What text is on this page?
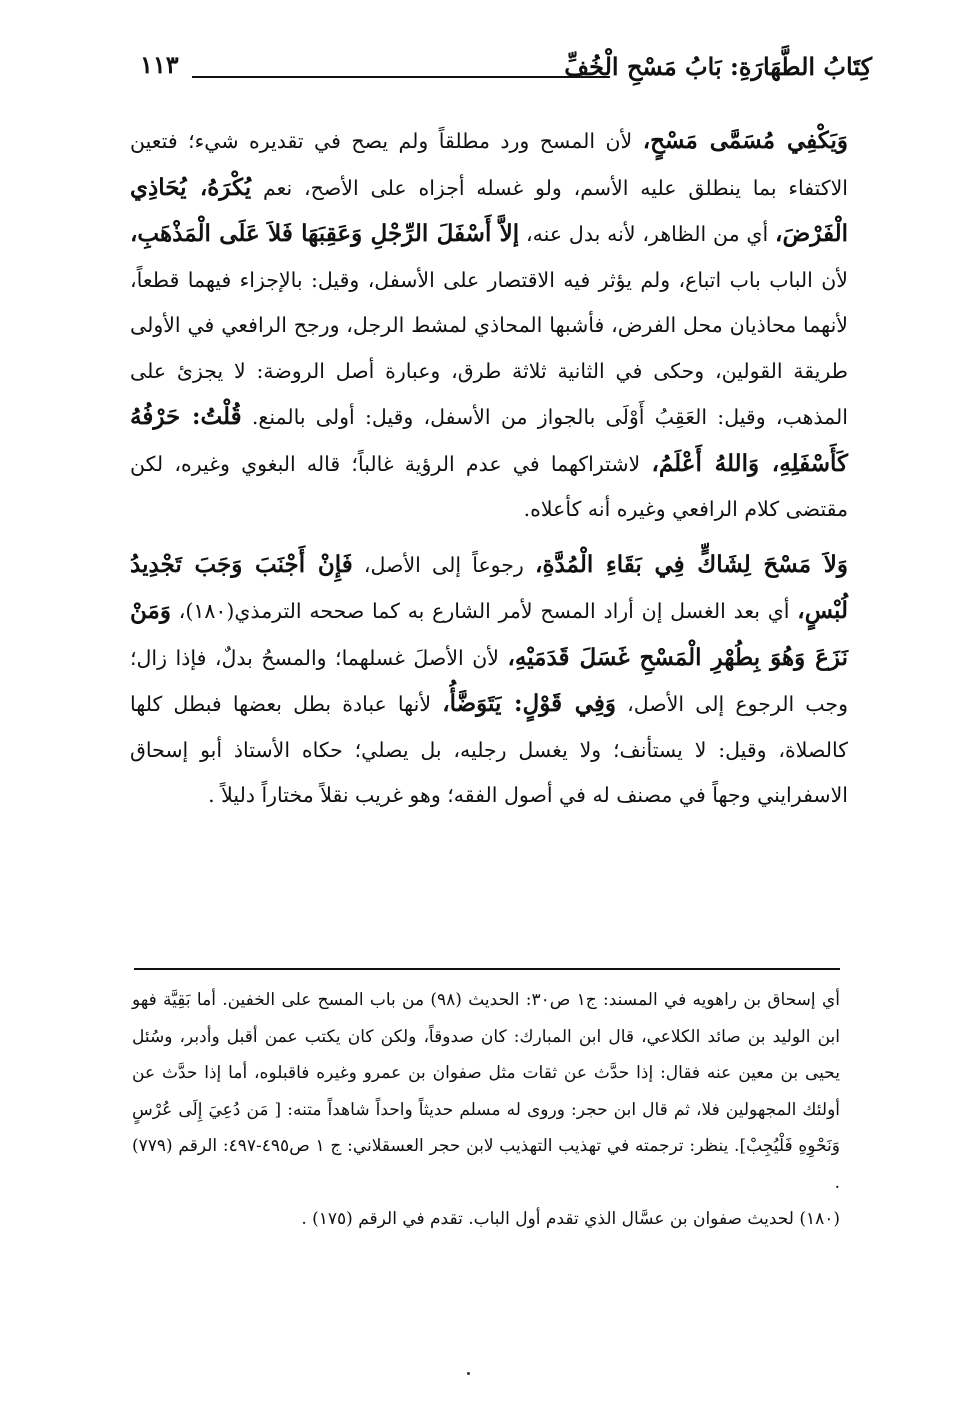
كِتَابُ الطَّهَارَةِ: بَابُ مَسْحِ الْخُفِّ
١١٣

وَيَكْفِي مُسَمَّى مَسْحٍ، لأن المسح ورد مطلقاً ولم يصح في تقديره شيء؛ فتعين الاكتفاء بما ينطلق عليه الأسم، ولو غسله أجزاه على الأصح، نعم يُكْرَهُ، يُحَاذِي الْفَرْضَ، أي من الظاهر، لأنه بدل عنه، إلاَّ أَسْفَلَ الرِّجْلِ وَعَقِبَهَا فَلاَ عَلَى الْمَذْهَبِ، لأن الباب باب اتباع، ولم يؤثر فيه الاقتصار على الأسفل، وقيل: بالإجزاء فيهما قطعاً، لأنهما محاذيان محل الفرض، فأشبها المحاذي لمشط الرجل، ورجح الرافعي في الأولى طريقة القولين، وحكى في الثانية ثلاثة طرق، وعبارة أصل الروضة: لا يجزئ على المذهب، وقيل: العَقِبُ أَوْلَى بالجواز من الأسفل، وقيل: أولى بالمنع. قُلْتُ: حَرْفُهُ كَأَسْفَلِهِ، وَاللهُ أَعْلَمُ، لاشتراكهما في عدم الرؤية غالباً؛ قاله البغوي وغيره، لكن مقتضى كلام الرافعي وغيره أنه كأعلاه.

وَلاَ مَسْحَ لِشَاكٍّ فِي بَقَاءِ الْمُدَّةِ، رجوعاً إلى الأصل، فَإِنْ أَجْنَبَ وَجَبَ تَجْدِيدُ لُبْسٍ، أي بعد الغسل إن أراد المسح لأمر الشارع به كما صححه الترمذي(١٨٠)، وَمَنْ نَزَعَ وَهُوَ بِطُهْرِ الْمَسْحِ غَسَلَ قَدَمَيْهِ، لأن الأصلَ غسلهما؛ والمسحُ بدلٌ، فإذا زال؛ وجب الرجوع إلى الأصل، وَفِي قَوْلٍ: يَتَوَضَّأُ، لأنها عبادة بطل بعضها فبطل كلها كالصلاة، وقيل: لا يستأنف؛ ولا يغسل رجليه، بل يصلي؛ حكاه الأستاذ أبو إسحاق الاسفرايني وجهاً في مصنف له في أصول الفقه؛ وهو غريب نقلاً مختاراً دليلاً .

أي إسحاق بن راهويه في المسند: ج١ ص٣٠: الحديث (٩٨) من باب المسح على الخفين. أما بَقِيَّة فهو ابن الوليد بن صائد الكلاعي، قال ابن المبارك: كان صدوقاً، ولكن كان يكتب عمن أقبل وأدبر، وسُئل يحيى بن معين عنه فقال: إذا حدَّث عن ثقات مثل صفوان بن عمرو وغيره فاقبلوه، أما إذا حدَّث عن أولئك المجهولين فلا، ثم قال ابن حجر: وروى له مسلم حديثاً واحداً شاهداً متنه: [ مَن دُعِيَ إِلَى عُرْسٍ وَنَحْوِهِ فَلْيُجِبْ]. ينظر: ترجمته في تهذيب التهذيب لابن حجر العسقلاني: ج ١ ص٤٩٥-٤٩٧: الرقم (٧٧٩) .

(١٨٠) لحديث صفوان بن عسَّال الذي تقدم أول الباب. تقدم في الرقم (١٧٥) .
